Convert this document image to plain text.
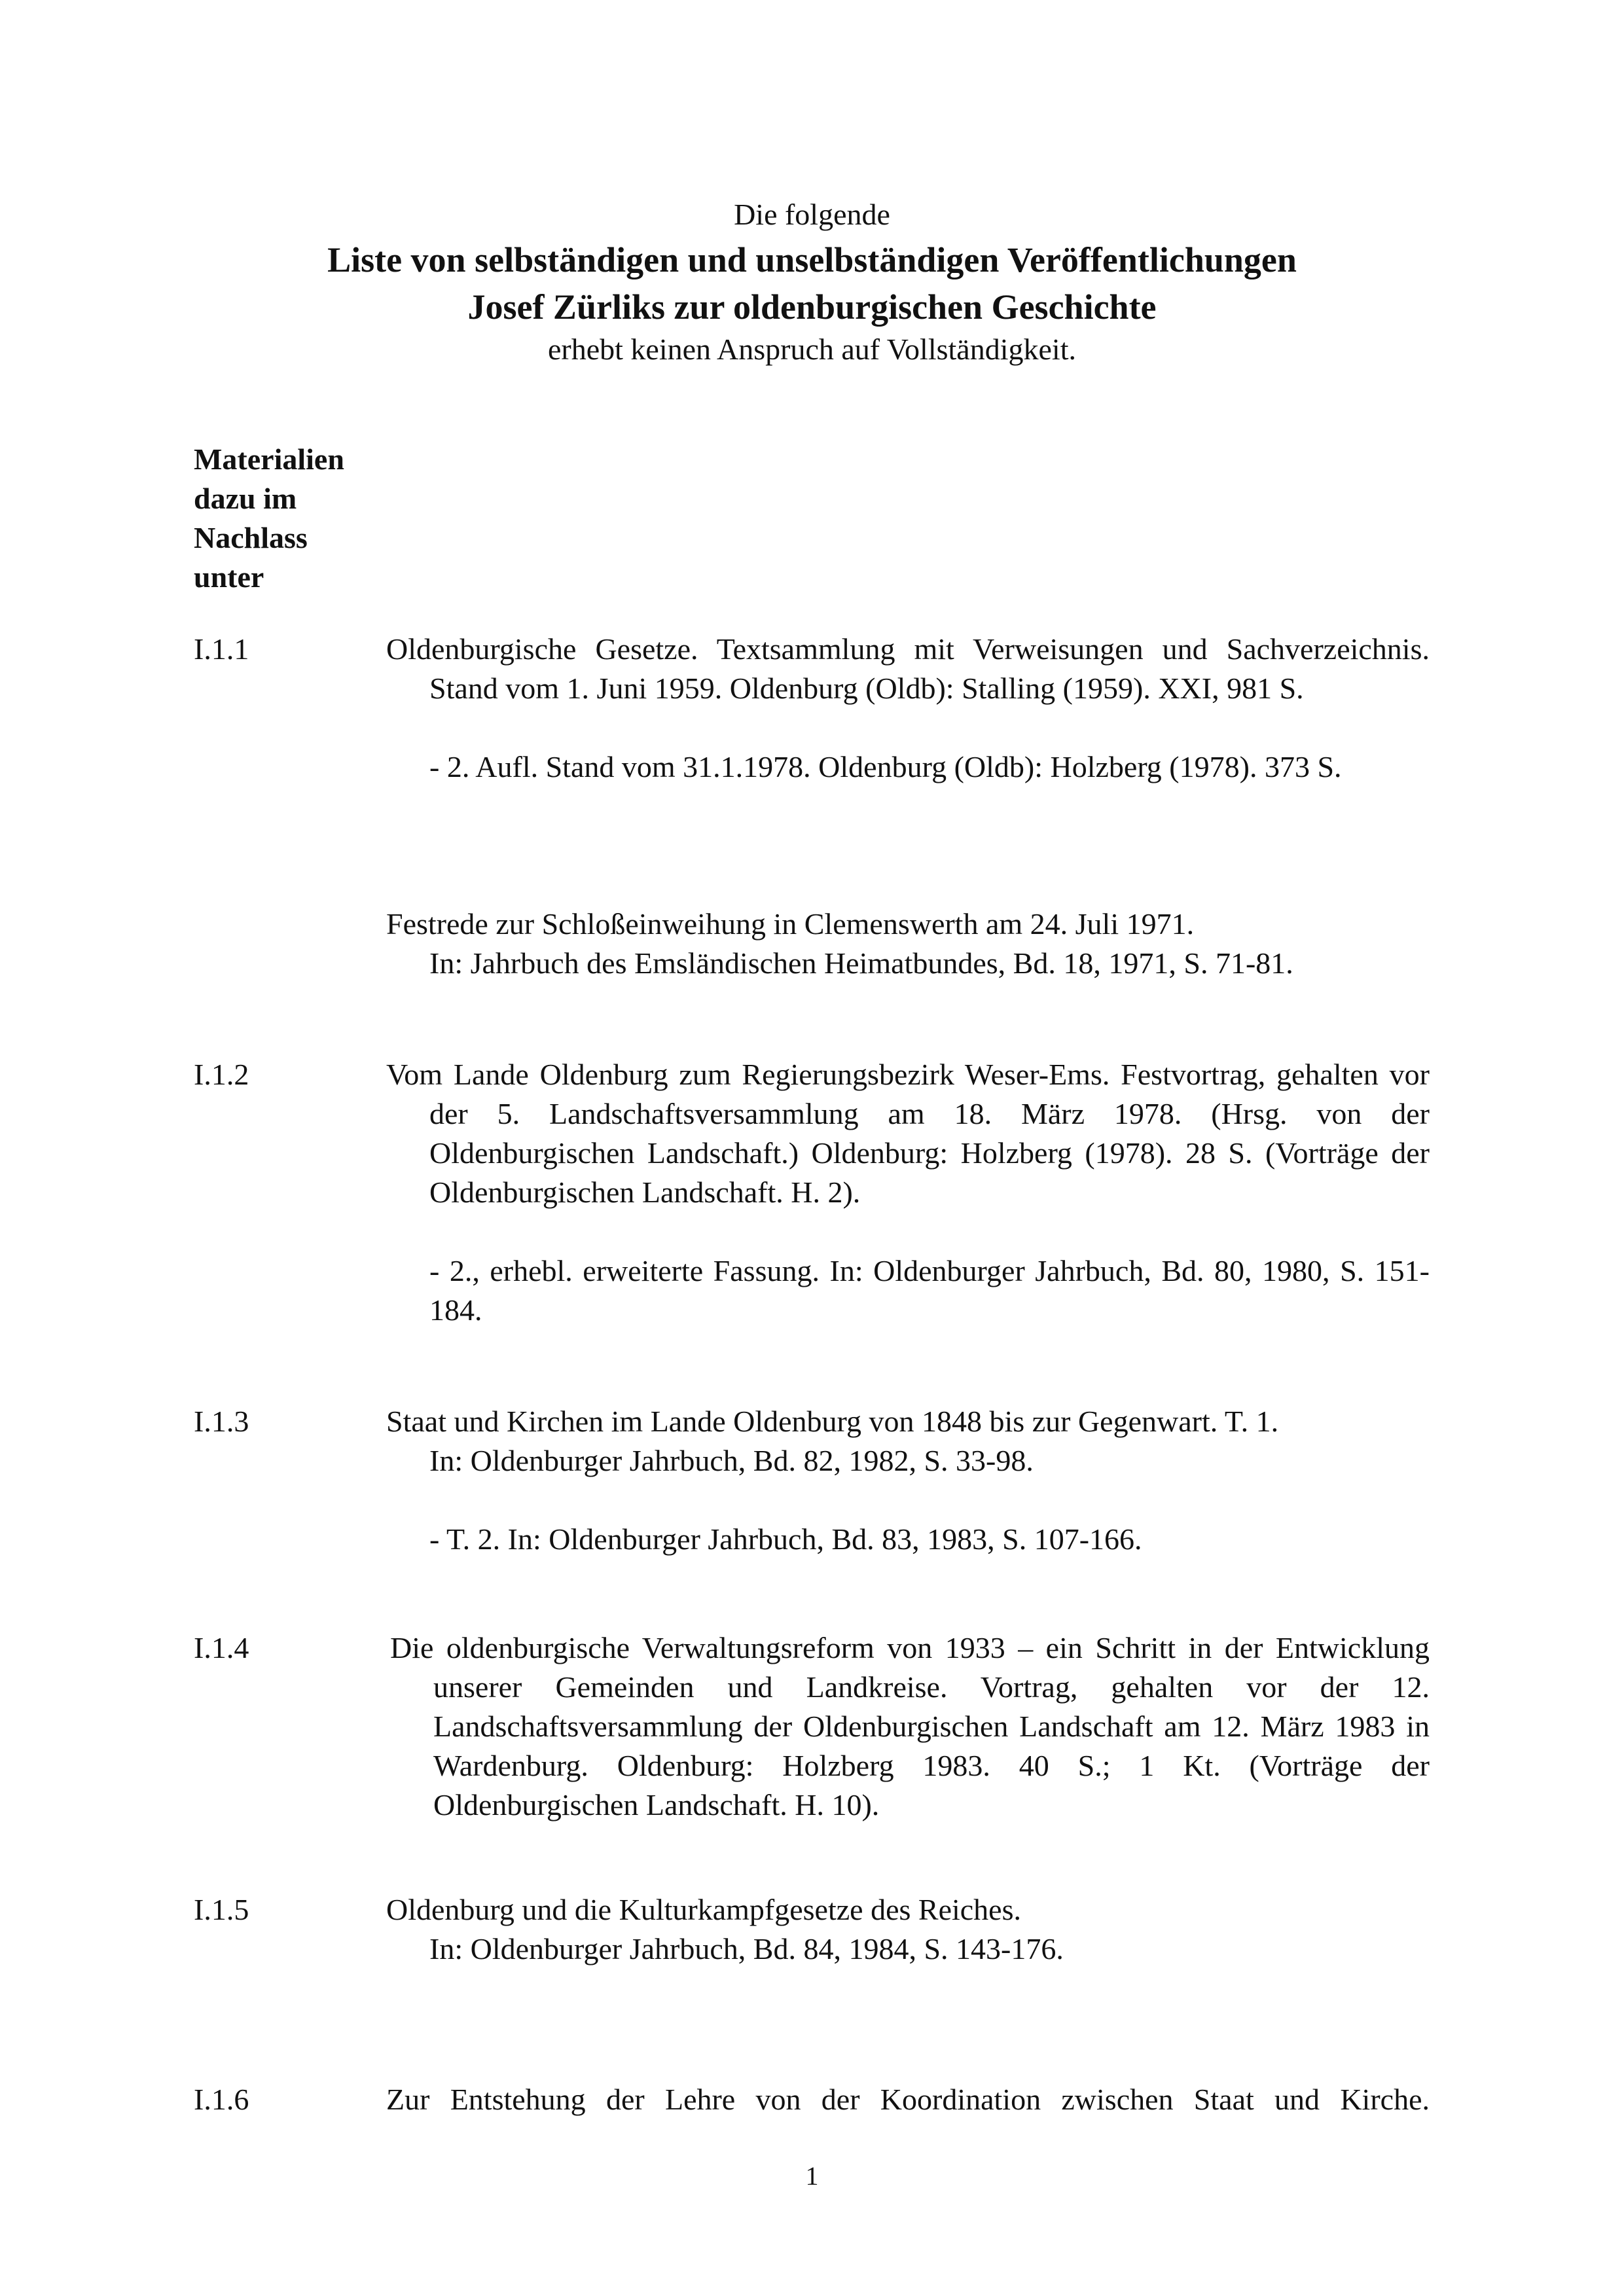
Die folgende
Liste von selbständigen und unselbständigen Veröffentlichungen
Josef Zürliks zur oldenburgischen Geschichte
erhebt keinen Anspruch auf Vollständigkeit.
Materialien
dazu im
Nachlass
unter
I.1.1	Oldenburgische Gesetze. Textsammlung mit Verweisungen und Sachverzeichnis. Stand vom 1. Juni 1959. Oldenburg (Oldb): Stalling (1959). XXI, 981 S.

- 2. Aufl. Stand vom 31.1.1978. Oldenburg (Oldb): Holzberg (1978). 373 S.

Festrede zur Schloßeinweihung in Clemenswerth am 24. Juli 1971.

In: Jahrbuch des Emsländischen Heimatbundes, Bd. 18, 1971, S. 71-81.

I.1.2	Vom Lande Oldenburg zum Regierungsbezirk Weser-Ems. Festvortrag, gehalten vor der 5. Landschaftsversammlung am 18. März 1978. (Hrsg. von der Oldenburgischen Landschaft.) Oldenburg: Holzberg (1978). 28 S. (Vorträge der Oldenburgischen Landschaft. H. 2).

- 2., erhebl. erweiterte Fassung. In: Oldenburger Jahrbuch, Bd. 80, 1980, S. 151-184.

I.1.3	Staat und Kirchen im Lande Oldenburg von 1848 bis zur Gegenwart. T. 1.

In: Oldenburger Jahrbuch, Bd. 82, 1982, S. 33-98.

- T. 2. In: Oldenburger Jahrbuch, Bd. 83, 1983, S. 107-166.

I.1.4	Die oldenburgische Verwaltungsreform von 1933 – ein Schritt in der Entwicklung unserer Gemeinden und Landkreise. Vortrag, gehalten vor der 12. Landschaftsversammlung der Oldenburgischen Landschaft am 12. März 1983 in Wardenburg. Oldenburg: Holzberg 1983. 40 S.; 1 Kt. (Vorträge der Oldenburgischen Landschaft. H. 10).

I.1.5	Oldenburg und die Kulturkampfgesetze des Reiches.

In: Oldenburger Jahrbuch, Bd. 84, 1984, S. 143-176.

I.1.6	Zur Entstehung der Lehre von der Koordination zwischen Staat und Kirche.

1
